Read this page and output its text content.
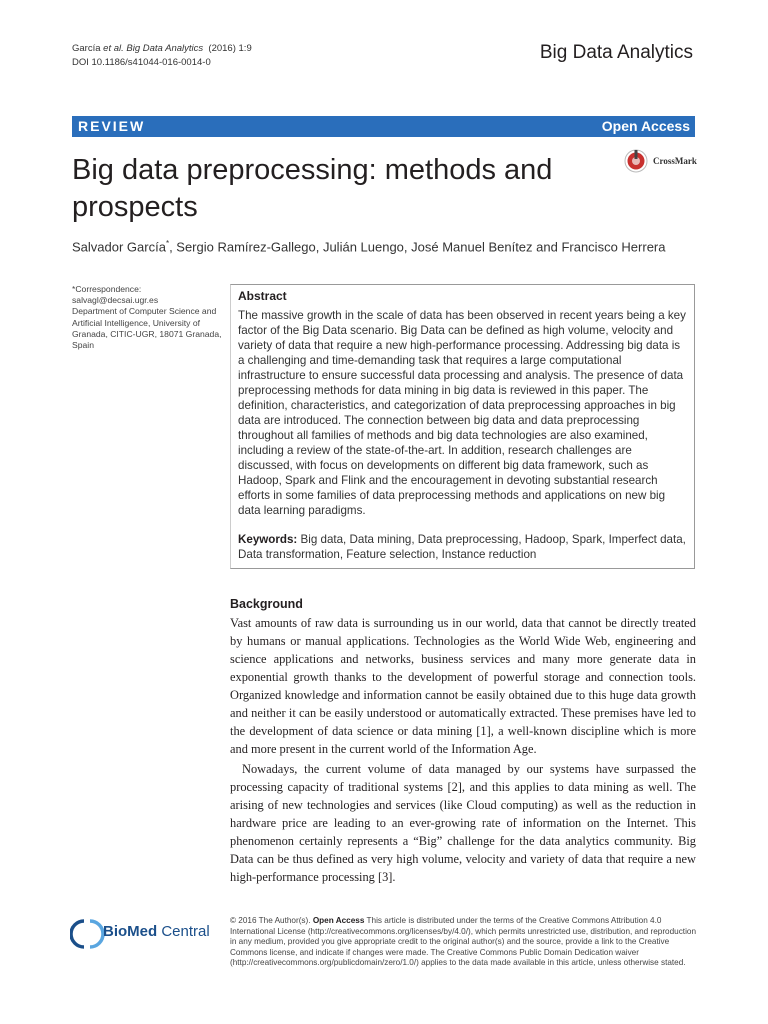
García et al. Big Data Analytics (2016) 1:9
DOI 10.1186/s41044-016-0014-0	Big Data Analytics
REVIEW	Open Access
Big data preprocessing: methods and prospects
CrossMark
Salvador García*, Sergio Ramírez-Gallego, Julián Luengo, José Manuel Benítez and Francisco Herrera
*Correspondence:
salvagl@decsai.ugr.es
Department of Computer Science and Artificial Intelligence, University of Granada, CITIC-UGR, 18071 Granada, Spain
Abstract
The massive growth in the scale of data has been observed in recent years being a key factor of the Big Data scenario. Big Data can be defined as high volume, velocity and variety of data that require a new high-performance processing. Addressing big data is a challenging and time-demanding task that requires a large computational infrastructure to ensure successful data processing and analysis. The presence of data preprocessing methods for data mining in big data is reviewed in this paper. The definition, characteristics, and categorization of data preprocessing approaches in big data are introduced. The connection between big data and data preprocessing throughout all families of methods and big data technologies are also examined, including a review of the state-of-the-art. In addition, research challenges are discussed, with focus on developments on different big data framework, such as Hadoop, Spark and Flink and the encouragement in devoting substantial research efforts in some families of data preprocessing methods and applications on new big data learning paradigms.
Keywords: Big data, Data mining, Data preprocessing, Hadoop, Spark, Imperfect data, Data transformation, Feature selection, Instance reduction
Background
Vast amounts of raw data is surrounding us in our world, data that cannot be directly treated by humans or manual applications. Technologies as the World Wide Web, engineering and science applications and networks, business services and many more generate data in exponential growth thanks to the development of powerful storage and connection tools. Organized knowledge and information cannot be easily obtained due to this huge data growth and neither it can be easily understood or automatically extracted. These premises have led to the development of data science or data mining [1], a well-known discipline which is more and more present in the current world of the Information Age.
Nowadays, the current volume of data managed by our systems have surpassed the processing capacity of traditional systems [2], and this applies to data mining as well. The arising of new technologies and services (like Cloud computing) as well as the reduction in hardware price are leading to an ever-growing rate of information on the Internet. This phenomenon certainly represents a “Big” challenge for the data analytics community. Big Data can be thus defined as very high volume, velocity and variety of data that require a new high-performance processing [3].
BioMed Central
© 2016 The Author(s). Open Access This article is distributed under the terms of the Creative Commons Attribution 4.0 International License (http://creativecommons.org/licenses/by/4.0/), which permits unrestricted use, distribution, and reproduction in any medium, provided you give appropriate credit to the original author(s) and the source, provide a link to the Creative Commons license, and indicate if changes were made. The Creative Commons Public Domain Dedication waiver (http://creativecommons.org/publicdomain/zero/1.0/) applies to the data made available in this article, unless otherwise stated.
